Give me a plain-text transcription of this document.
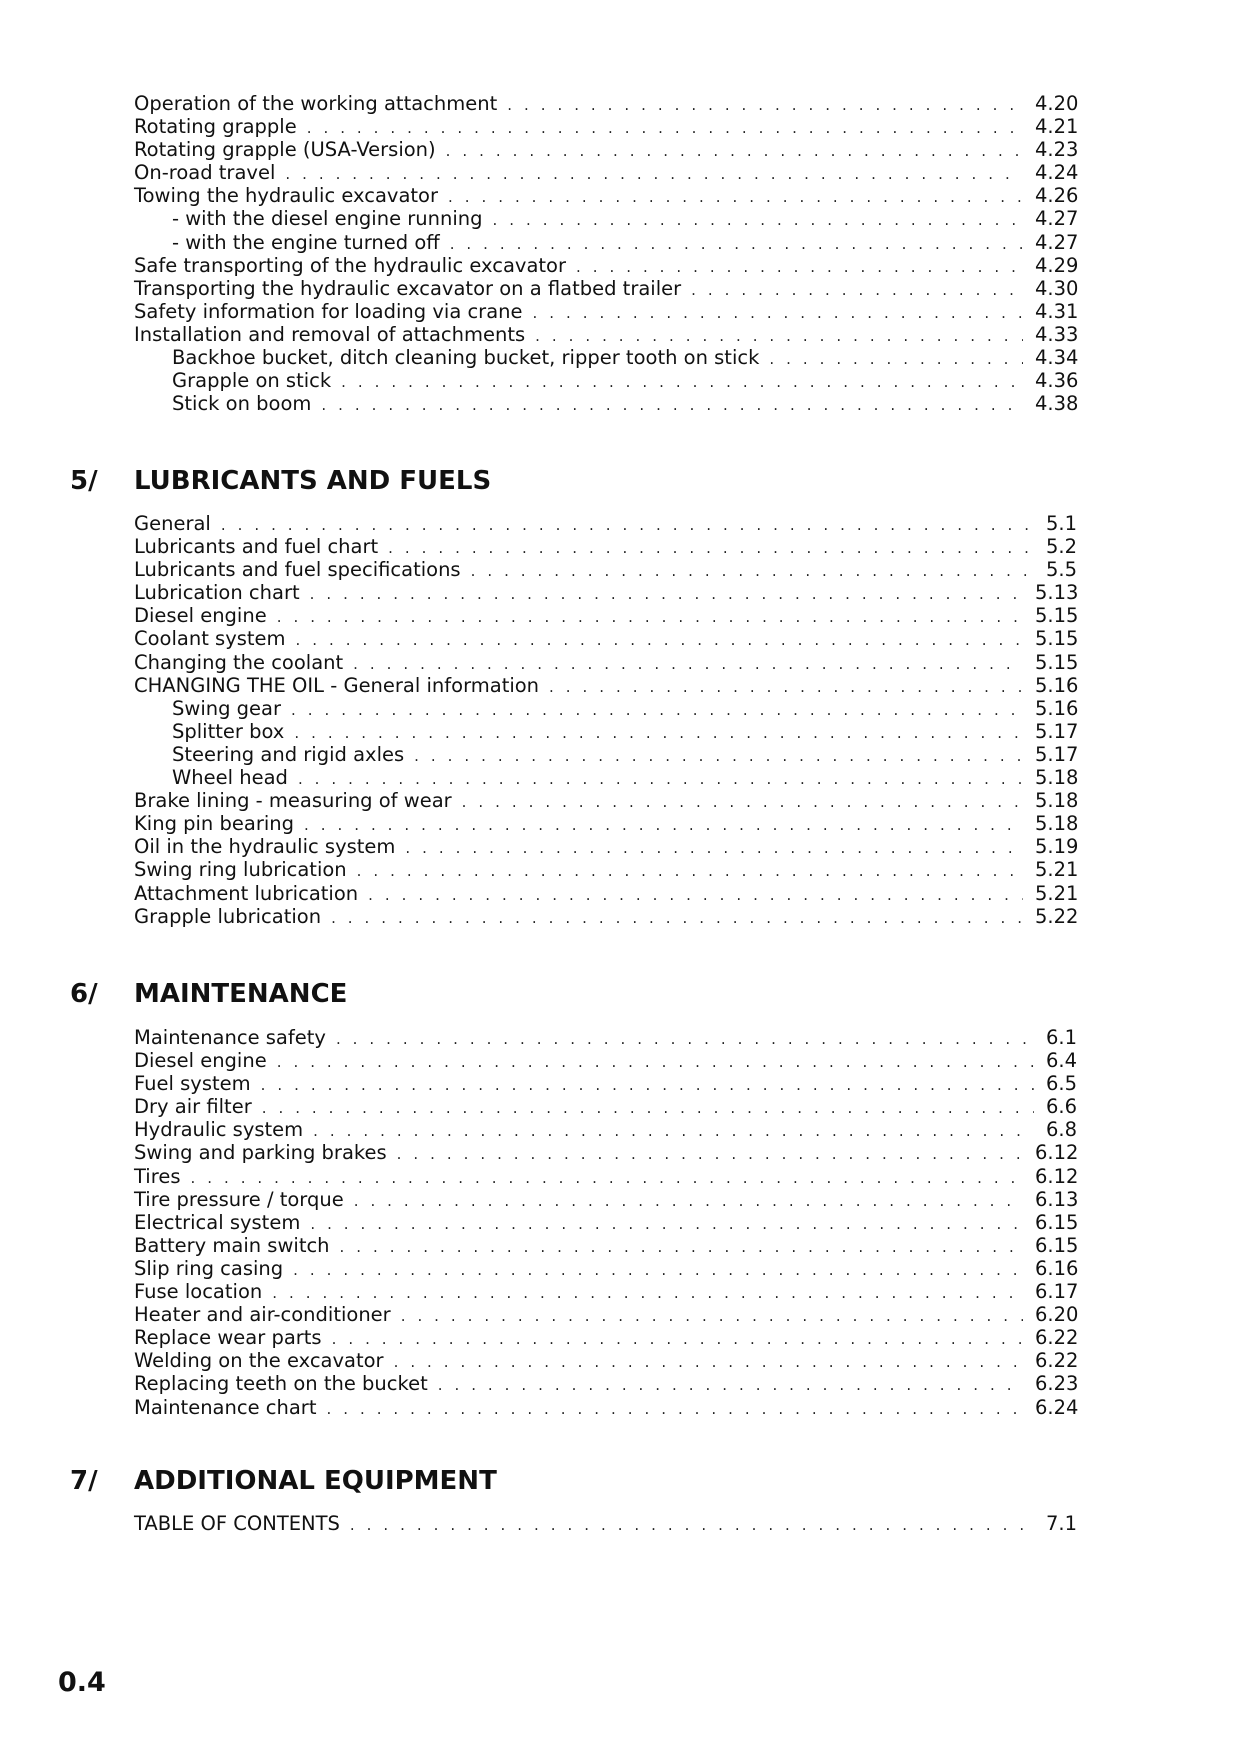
Operation of the working attachment . . .	4.20
Rotating grapple . . .	4.21
Rotating grapple (USA-Version) . . .	4.23
On-road travel . . .	4.24
Towing the hydraulic excavator . . .	4.26
- with the diesel engine running . . .	4.27
- with the engine turned off . . .	4.27
Safe transporting of the hydraulic excavator . . .	4.29
Transporting the hydraulic excavator on a flatbed trailer . . .	4.30
Safety information for loading via crane . . .	4.31
Installation and removal of attachments . . .	4.33
Backhoe bucket, ditch cleaning bucket, ripper tooth on stick . . .	4.34
Grapple on stick . . .	4.36
Stick on boom . . .	4.38
5/	LUBRICANTS AND FUELS
General . . .	5.1
Lubricants and fuel chart . . .	5.2
Lubricants and fuel specifications . . .	5.5
Lubrication chart . . .	5.13
Diesel engine . . .	5.15
Coolant system . . .	5.15
Changing the coolant . . .	5.15
CHANGING THE OIL - General information . . .	5.16
Swing gear . . .	5.16
Splitter box . . .	5.17
Steering and rigid axles . . .	5.17
Wheel head . . .	5.18
Brake lining - measuring of wear . . .	5.18
King pin bearing . . .	5.18
Oil in the hydraulic system . . .	5.19
Swing ring lubrication . . .	5.21
Attachment lubrication . . .	5.21
Grapple lubrication . . .	5.22
6/	MAINTENANCE
Maintenance safety . . .	6.1
Diesel engine . . .	6.4
Fuel system . . .	6.5
Dry air filter . . .	6.6
Hydraulic system . . .	6.8
Swing and parking brakes . . .	6.12
Tires . . .	6.12
Tire pressure / torque . . .	6.13
Electrical system . . .	6.15
Battery main switch . . .	6.15
Slip ring casing . . .	6.16
Fuse location . . .	6.17
Heater and air-conditioner . . .	6.20
Replace wear parts . . .	6.22
Welding on the excavator . . .	6.22
Replacing teeth on the bucket . . .	6.23
Maintenance chart . . .	6.24
7/	ADDITIONAL EQUIPMENT
TABLE OF CONTENTS . . .	7.1
0.4
